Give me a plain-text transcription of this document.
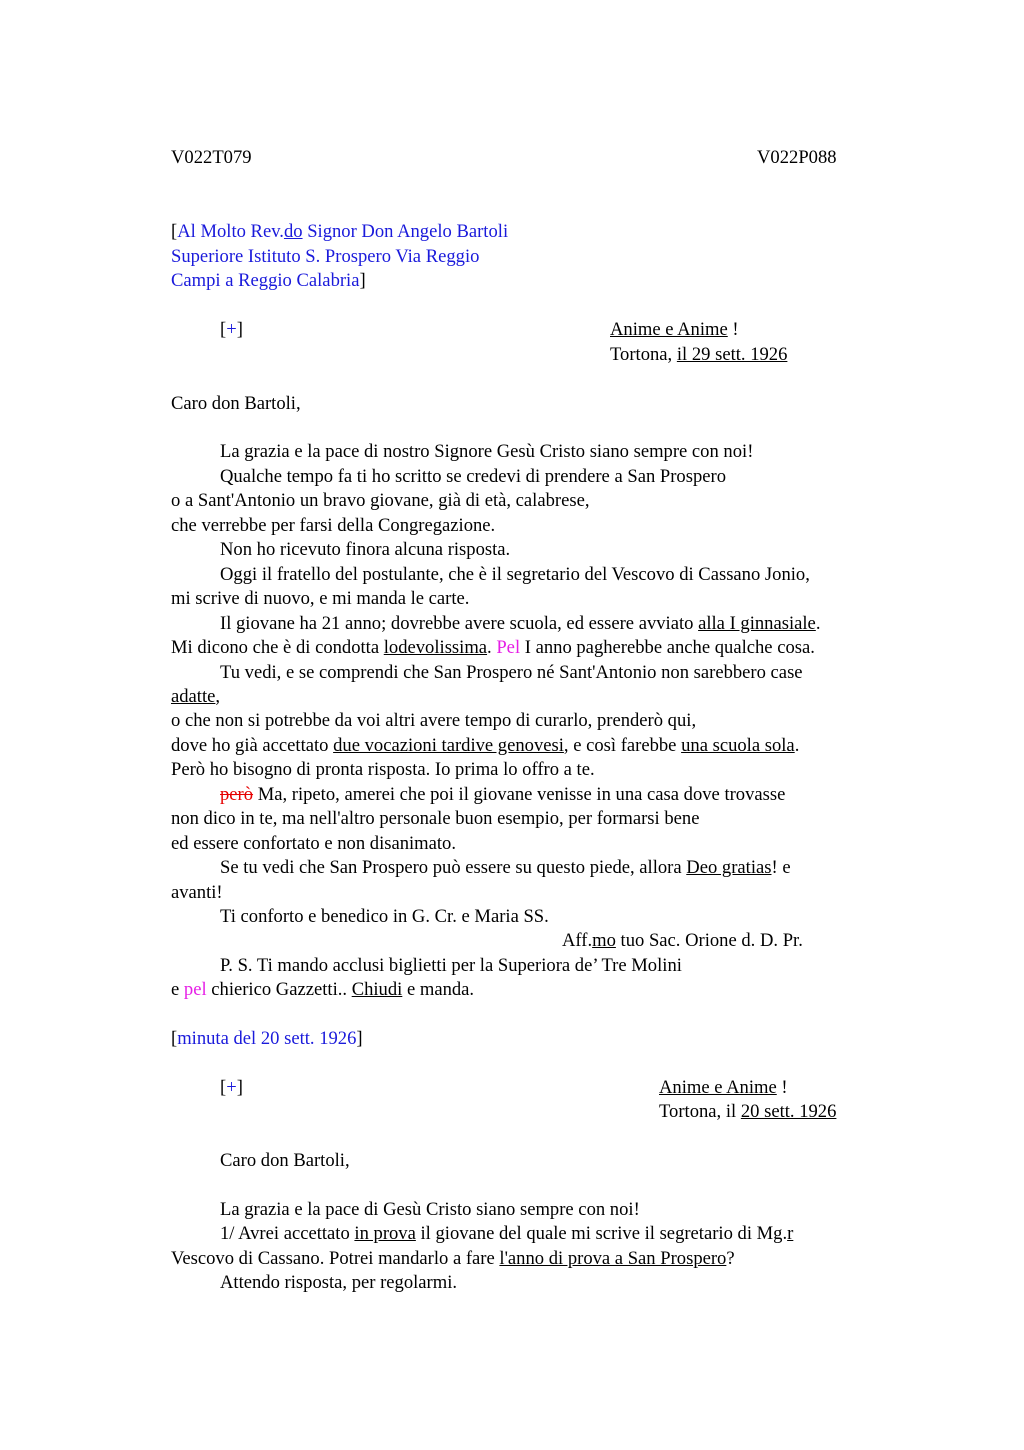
V022T079	V022P088
[Al Molto Rev.do Signor Don Angelo Bartoli
Superiore Istituto S. Prospero Via Reggio
Campi a Reggio Calabria]
[+]	Anime e Anime !
Tortona, il 29 sett. 1926
Caro don Bartoli,
La grazia e la pace di nostro Signore Gesù Cristo siano sempre con noi!
Qualche tempo fa ti ho scritto se credevi di prendere a San Prospero
o a Sant'Antonio un bravo giovane, già di età, calabrese,
che verrebbe per farsi della Congregazione.
Non ho ricevuto finora alcuna risposta.
Oggi il fratello del postulante, che è il segretario del Vescovo di Cassano Jonio,
mi scrive di nuovo, e mi manda le carte.
Il giovane ha 21 anno; dovrebbe avere scuola, ed essere avviato alla I ginnasiale.
Mi dicono che è di condotta lodevolissima. Pel I anno pagherebbe anche qualche cosa.
Tu vedi, e se comprendi che San Prospero né Sant'Antonio non sarebbero case
adatte,
o che non si potrebbe da voi altri avere tempo di curarlo, prenderò qui,
dove ho già accettato due vocazioni tardive genovesi, e così farebbe una scuola sola.
Però ho bisogno di pronta risposta. Io prima lo offro a te.
però Ma, ripeto, amerei che poi il giovane venisse in una casa dove trovasse
non dico in te, ma nell'altro personale buon esempio, per formarsi bene
ed essere confortato e non disanimato.
Se tu vedi che San Prospero può essere su questo piede, allora Deo gratias! e
avanti!
Ti conforto e benedico in G. Cr. e Maria SS.
Aff.mo tuo Sac. Orione d. D. Pr.
P. S. Ti mando acclusi biglietti per la Superiora de’ Tre Molini
e pel chierico Gazzetti.. Chiudi e manda.
[minuta del 20 sett. 1926]
[+]	Anime e Anime !
Tortona, il 20 sett. 1926
Caro don Bartoli,
La grazia e la pace di Gesù Cristo siano sempre con noi!
1/ Avrei accettato in prova il giovane del quale mi scrive il segretario di Mg.r
Vescovo di Cassano. Potrei mandarlo a fare l'anno di prova a San Prospero?
Attendo risposta, per regolarmi.
